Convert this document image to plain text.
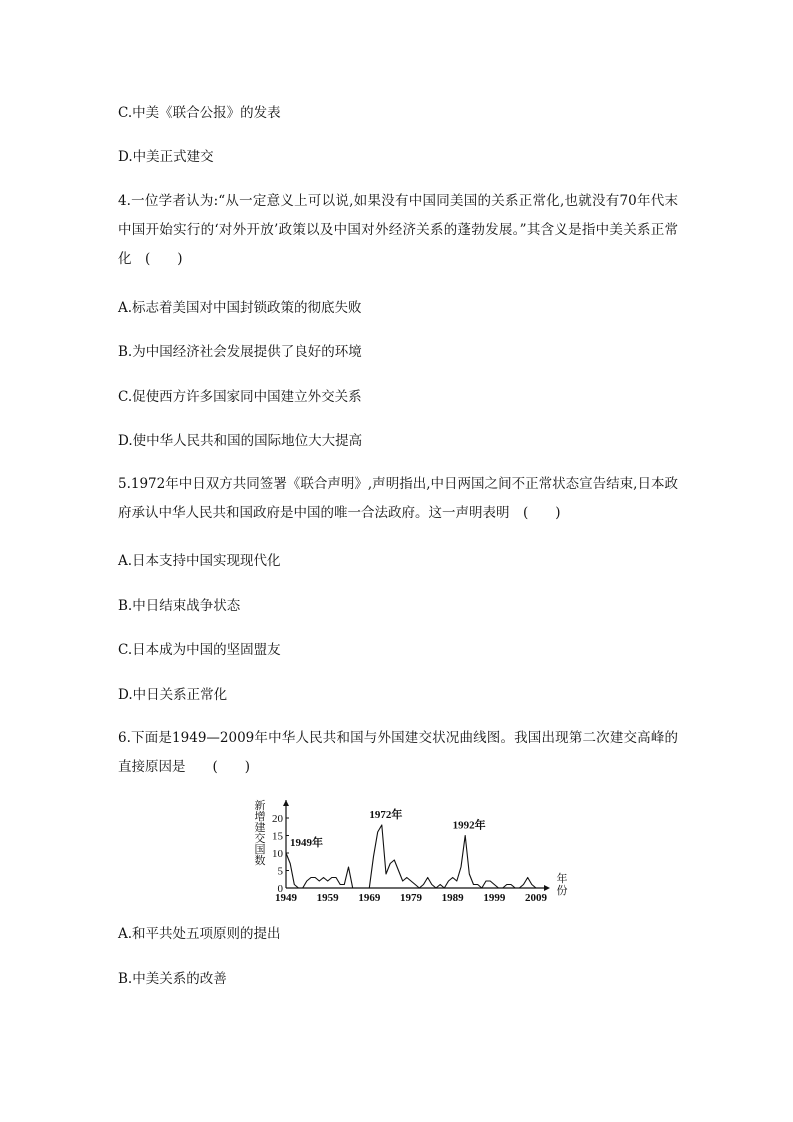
C.中美《联合公报》的发表

D.中美正式建交

4.一位学者认为:“从一定意义上可以说,如果没有中国同美国的关系正常化,也就没有70年代末中国开始实行的‘对外开放’政策以及中国对外经济关系的蓬勃发展。”其含义是指中美关系正常化　(　　)

A.标志着美国对中国封锁政策的彻底失败

B.为中国经济社会发展提供了良好的环境

C.促使西方许多国家同中国建立外交关系

D.使中华人民共和国的国际地位大大提高

5.1972年中日双方共同签署《联合声明》,声明指出,中日两国之间不正常状态宣告结束,日本政府承认中华人民共和国政府是中国的唯一合法政府。这一声明表明　(　　)

A.日本支持中国实现现代化

B.中日结束战争状态

C.日本成为中国的坚固盟友

D.中日关系正常化

6.下面是1949—2009年中华人民共和国与外国建交状况曲线图。我国出现第二次建交高峰的直接原因是　　(　　)

新
增
建
交
国
数
0
5
10
15
20
1949 1959 1969 1979 1989 1999 2009
年
份
1949年
1972年
1992年

A.和平共处五项原则的提出

B.中美关系的改善
